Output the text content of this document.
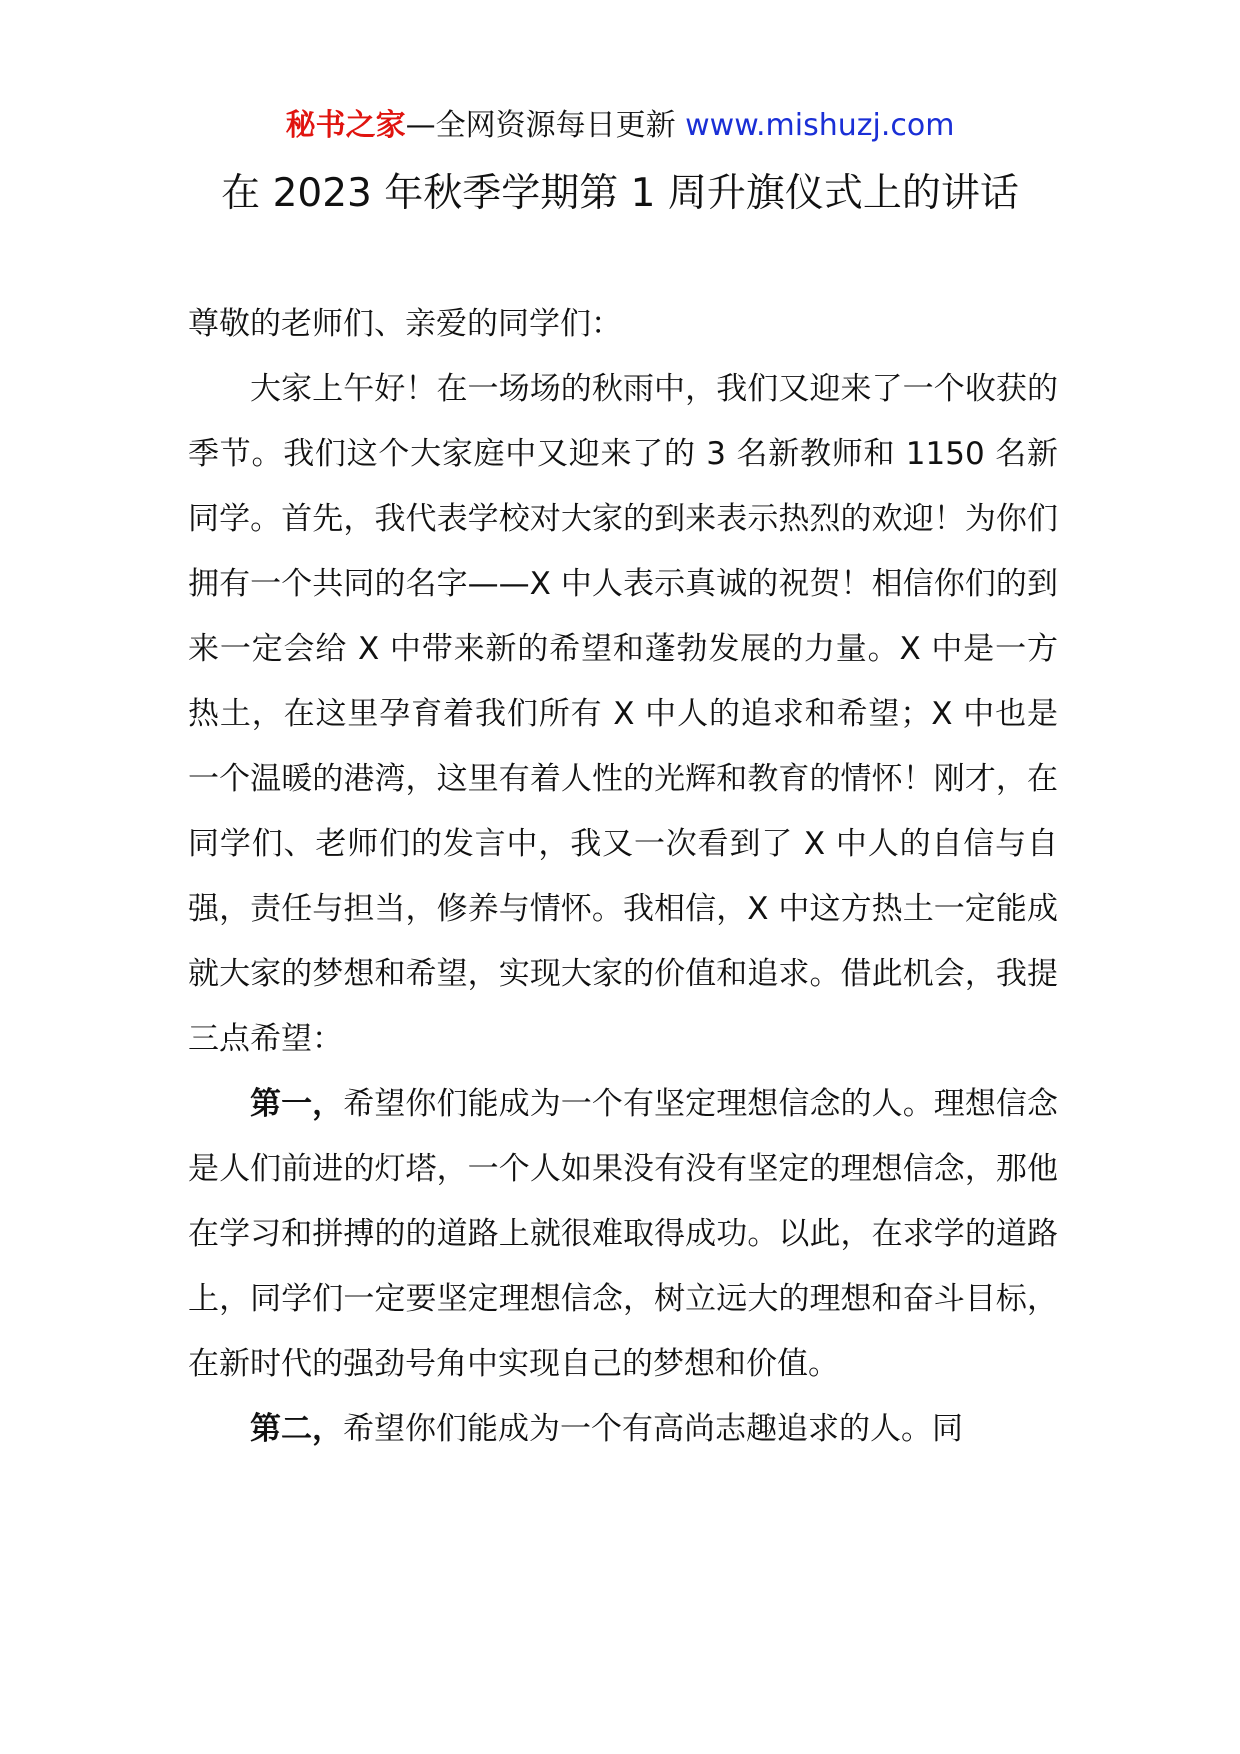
秘书之家—全网资源每日更新 www.mishuzj.com
在 2023 年秋季学期第 1 周升旗仪式上的讲话

尊敬的老师们、亲爱的同学们：

大家上午好！在一场场的秋雨中，我们又迎来了一个收获的季节。我们这个大家庭中又迎来了的 3 名新教师和 1150 名新同学。首先，我代表学校对大家的到来表示热烈的欢迎！为你们拥有一个共同的名字——X 中人表示真诚的祝贺！相信你们的到来一定会给 X 中带来新的希望和蓬勃发展的力量。X 中是一方热土，在这里孕育着我们所有 X 中人的追求和希望；X 中也是一个温暖的港湾，这里有着人性的光辉和教育的情怀！刚才，在同学们、老师们的发言中，我又一次看到了 X 中人的自信与自强，责任与担当，修养与情怀。我相信，X 中这方热土一定能成就大家的梦想和希望，实现大家的价值和追求。借此机会，我提三点希望：

第一，希望你们能成为一个有坚定理想信念的人。理想信念是人们前进的灯塔，一个人如果没有没有坚定的理想信念，那他在学习和拼搏的的道路上就很难取得成功。以此，在求学的道路上，同学们一定要坚定理想信念，树立远大的理想和奋斗目标，在新时代的强劲号角中实现自己的梦想和价值。

第二，希望你们能成为一个有高尚志趣追求的人。同
